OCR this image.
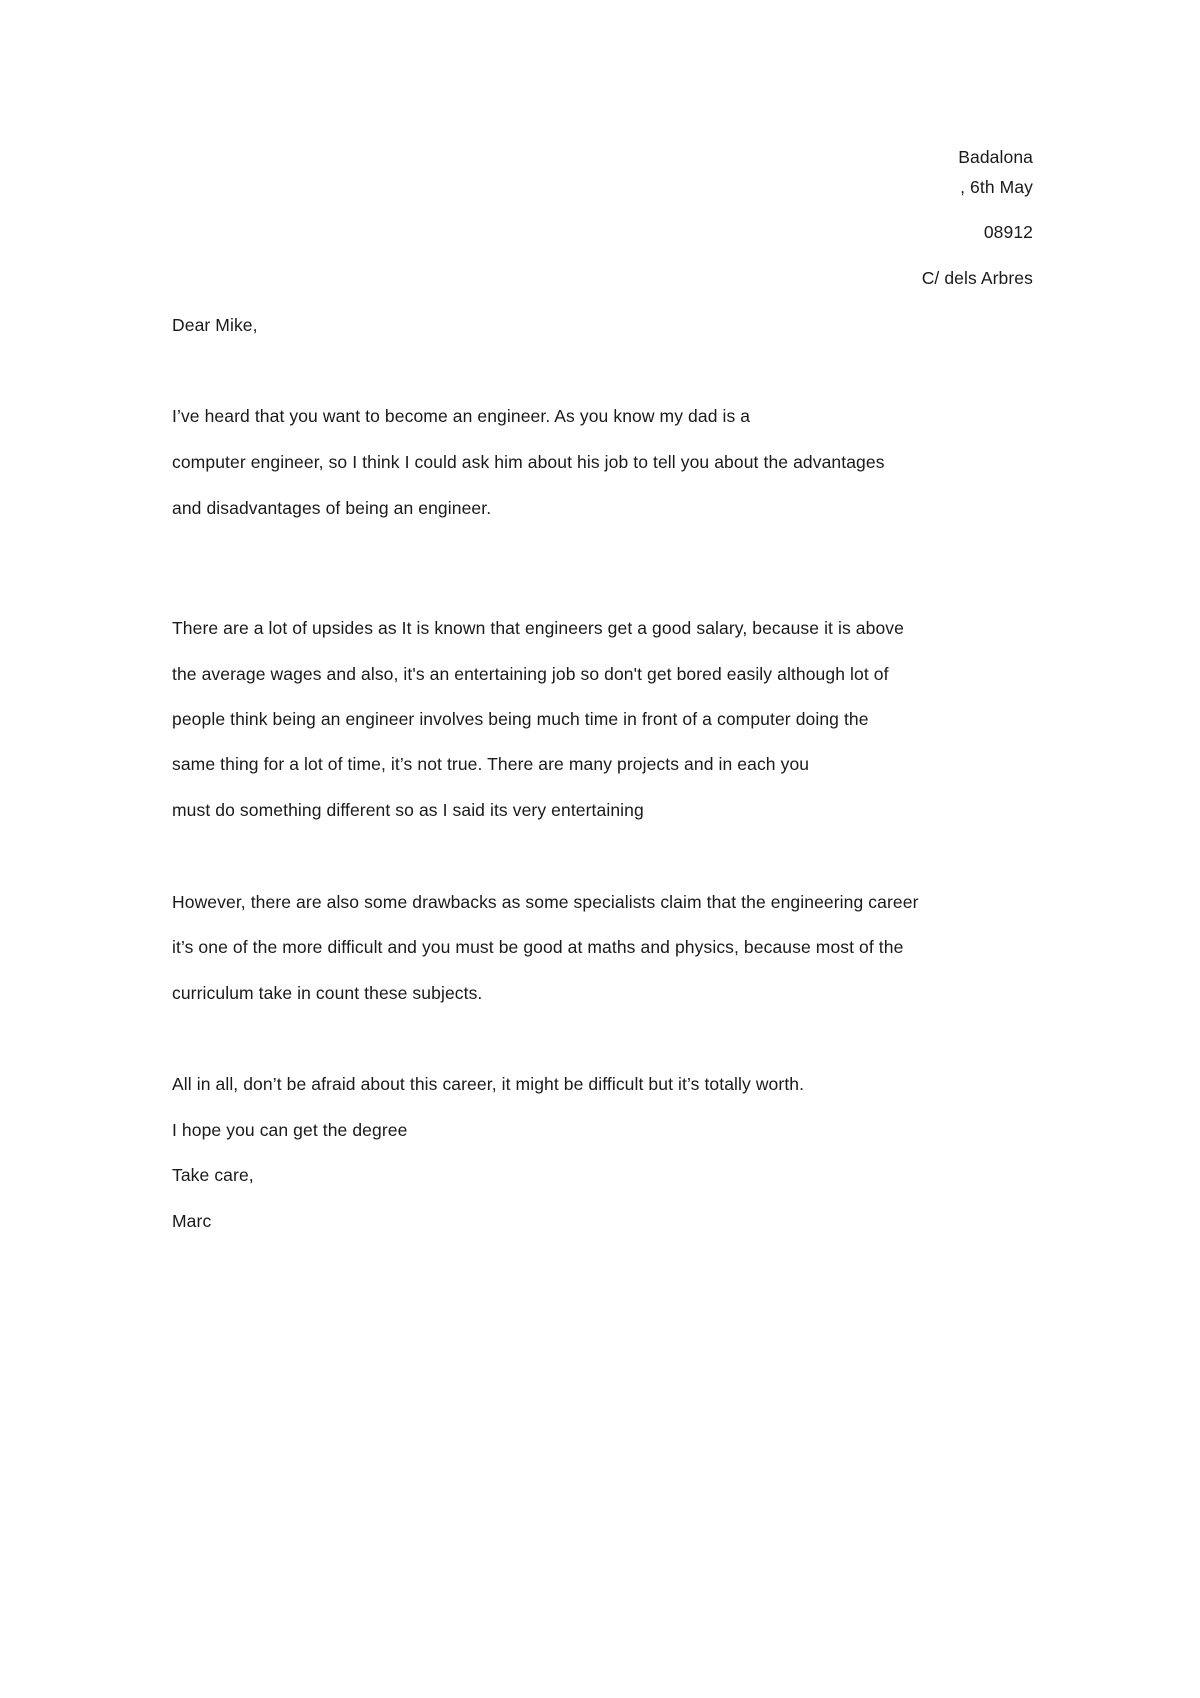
Badalona

, 6th May

08912

C/ dels Arbres

Dear Mike,

I’ve heard that you want to become an engineer. As you know my dad is a

computer engineer, so I think I could ask him about his job to tell you about the advantages

and disadvantages of being an engineer.

There are a lot of upsides as It is known that engineers get a good salary, because it is above

the average wages and also, it's an entertaining job so don't get bored easily although lot of

people think being an engineer involves being much time in front of a computer doing the

same thing for a lot of time, it’s not true. There are many projects and in each you

must do something different so as I said its very entertaining

However, there are also some drawbacks as some specialists claim that the engineering career

it’s one of the more difficult and you must be good at maths and physics, because most of the

curriculum take in count these subjects.

All in all, don’t be afraid about this career, it might be difficult but it’s totally worth.

I hope you can get the degree

Take care,

Marc
